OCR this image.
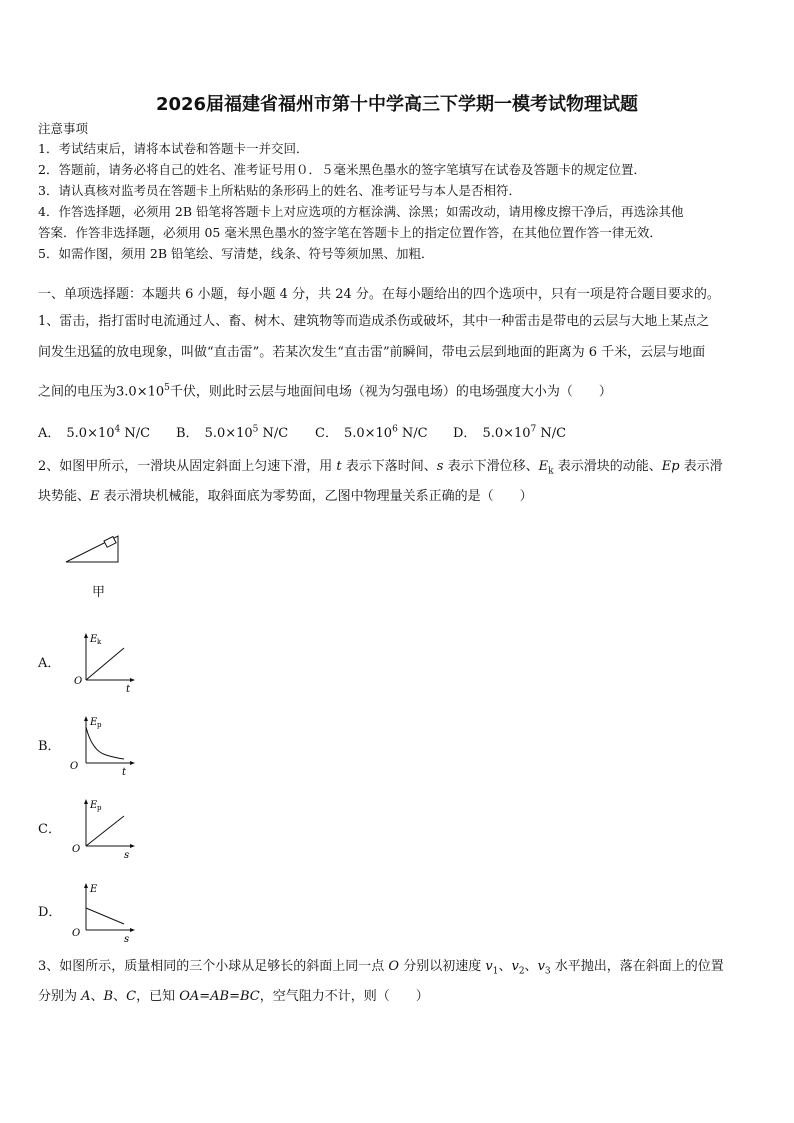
2026届福建省福州市第十中学高三下学期一模考试物理试题
注意事项
1．考试结束后，请将本试卷和答题卡一并交回．
2．答题前，请务必将自己的姓名、准考证号用０．５毫米黑色墨水的签字笔填写在试卷及答题卡的规定位置．
3．请认真核对监考员在答题卡上所粘贴的条形码上的姓名、准考证号与本人是否相符．
4．作答选择题，必须用 2B 铅笔将答题卡上对应选项的方框涂满、涂黑；如需改动，请用橡皮擦干净后，再选涂其他
答案．作答非选择题，必须用 05 毫米黑色墨水的签字笔在答题卡上的指定位置作答，在其他位置作答一律无效．
5．如需作图，须用 2B 铅笔绘、写清楚，线条、符号等须加黑、加粗．
一、单项选择题：本题共 6 小题，每小题 4 分，共 24 分。在每小题给出的四个选项中，只有一项是符合题目要求的。
1、雷击，指打雷时电流通过人、畜、树木、建筑物等而造成杀伤或破坏，其中一种雷击是带电的云层与大地上某点之
间发生迅猛的放电现象，叫做“直击雷”。若某次发生“直击雷”前瞬间，带电云层到地面的距离为 6 千米，云层与地面
之间的电压为$3.0\times 10^5$千伏，则此时云层与地面间电场（视为匀强电场）的电场强度大小为（　　）
A． $5.0\times 10^4$ N/C B． $5.0\times 10^5$ N/C C． $5.0\times 10^6$ N/C D． $5.0\times 10^7$ N/C
2、如图甲所示，一滑块从固定斜面上匀速下滑，用 t 表示下落时间、s 表示下滑位移、$E_k$ 表示滑块的动能、Ep 表示滑
块势能、E 表示滑块机械能，取斜面底为零势面，乙图中物理量关系正确的是（　　）
甲
A．
E k
O
t
B．
E p
O
t
C．
E p
O
s
D．
E
O
s
3、如图所示，质量相同的三个小球从足够长的斜面上同一点 O 分别以初速度 $v_1$、$v_2$、$v_3$ 水平抛出，落在斜面上的位置
分别为 A、B、C，已知 OA=AB=BC，空气阻力不计，则（　　）
